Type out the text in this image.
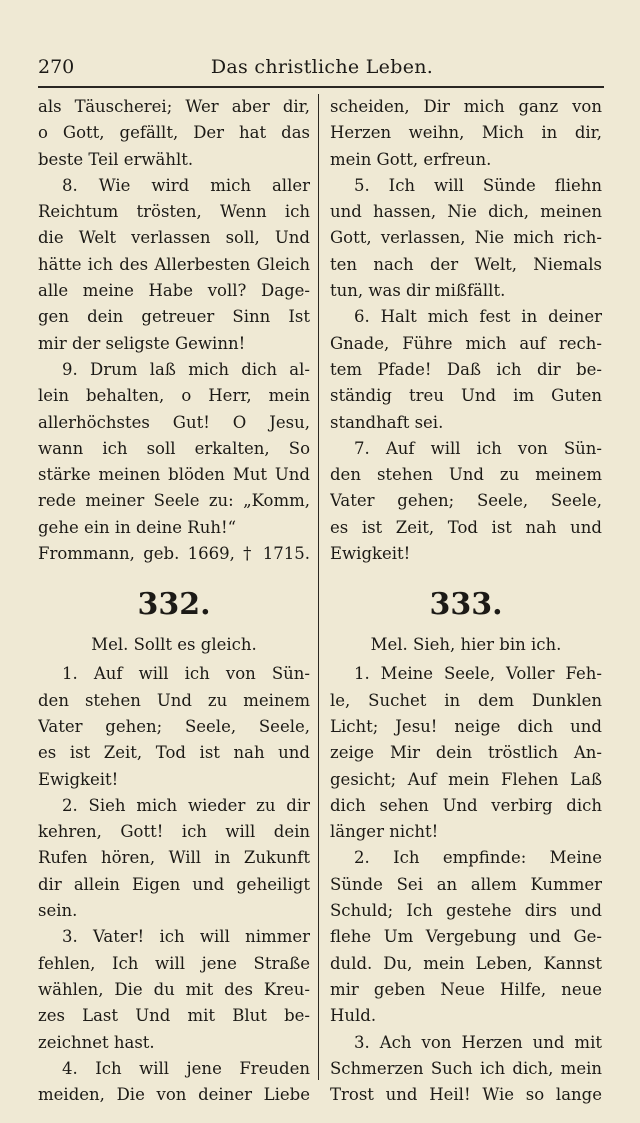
270	Das christliche Leben.
als Täuscherei; Wer aber dir,
o Gott, gefällt, Der hat das
beste Teil erwählt.
8. Wie wird mich aller
Reichtum trösten, Wenn ich
die Welt verlassen soll, Und
hätte ich des Allerbesten Gleich
alle meine Habe voll? Dage-
gen dein getreuer Sinn Ist
mir der seligste Gewinn!
9. Drum laß mich dich al-
lein behalten, o Herr, mein
allerhöchstes Gut! O Jesu,
wann ich soll erkalten, So
stärke meinen blöden Mut Und
rede meiner Seele zu: „Komm,
gehe ein in deine Ruh!“
Frommann, geb. 1669, † 1715.
332.
Mel. Sollt es gleich.
1. Auf will ich von Sün-
den stehen Und zu meinem
Vater gehen; Seele, Seele,
es ist Zeit, Tod ist nah und
Ewigkeit!
2. Sieh mich wieder zu dir
kehren, Gott! ich will dein
Rufen hören, Will in Zukunft
dir allein Eigen und geheiligt
sein.
3. Vater! ich will nimmer
fehlen, Ich will jene Straße
wählen, Die du mit des Kreu-
zes Last Und mit Blut be-
zeichnet hast.
4. Ich will jene Freuden
meiden, Die von deiner Liebe
scheiden, Dir mich ganz von
Herzen weihn, Mich in dir,
mein Gott, erfreun.
5. Ich will Sünde fliehn
und hassen, Nie dich, meinen
Gott, verlassen, Nie mich rich-
ten nach der Welt, Niemals
tun, was dir mißfällt.
6. Halt mich fest in deiner
Gnade, Führe mich auf rech-
tem Pfade! Daß ich dir be-
ständig treu Und im Guten
standhaft sei.
7. Auf will ich von Sün-
den stehen Und zu meinem
Vater gehen; Seele, Seele,
es ist Zeit, Tod ist nah und
Ewigkeit!
333.
Mel. Sieh, hier bin ich.
1. Meine Seele, Voller Feh-
le, Suchet in dem Dunklen
Licht; Jesu! neige dich und
zeige Mir dein tröstlich An-
gesicht; Auf mein Flehen Laß
dich sehen Und verbirg dich
länger nicht!
2. Ich empfinde: Meine
Sünde Sei an allem Kummer
Schuld; Ich gestehe dirs und
flehe Um Vergebung und Ge-
duld. Du, mein Leben, Kannst
mir geben Neue Hilfe, neue
Huld.
3. Ach von Herzen und mit
Schmerzen Such ich dich, mein
Trost und Heil! Wie so lange
